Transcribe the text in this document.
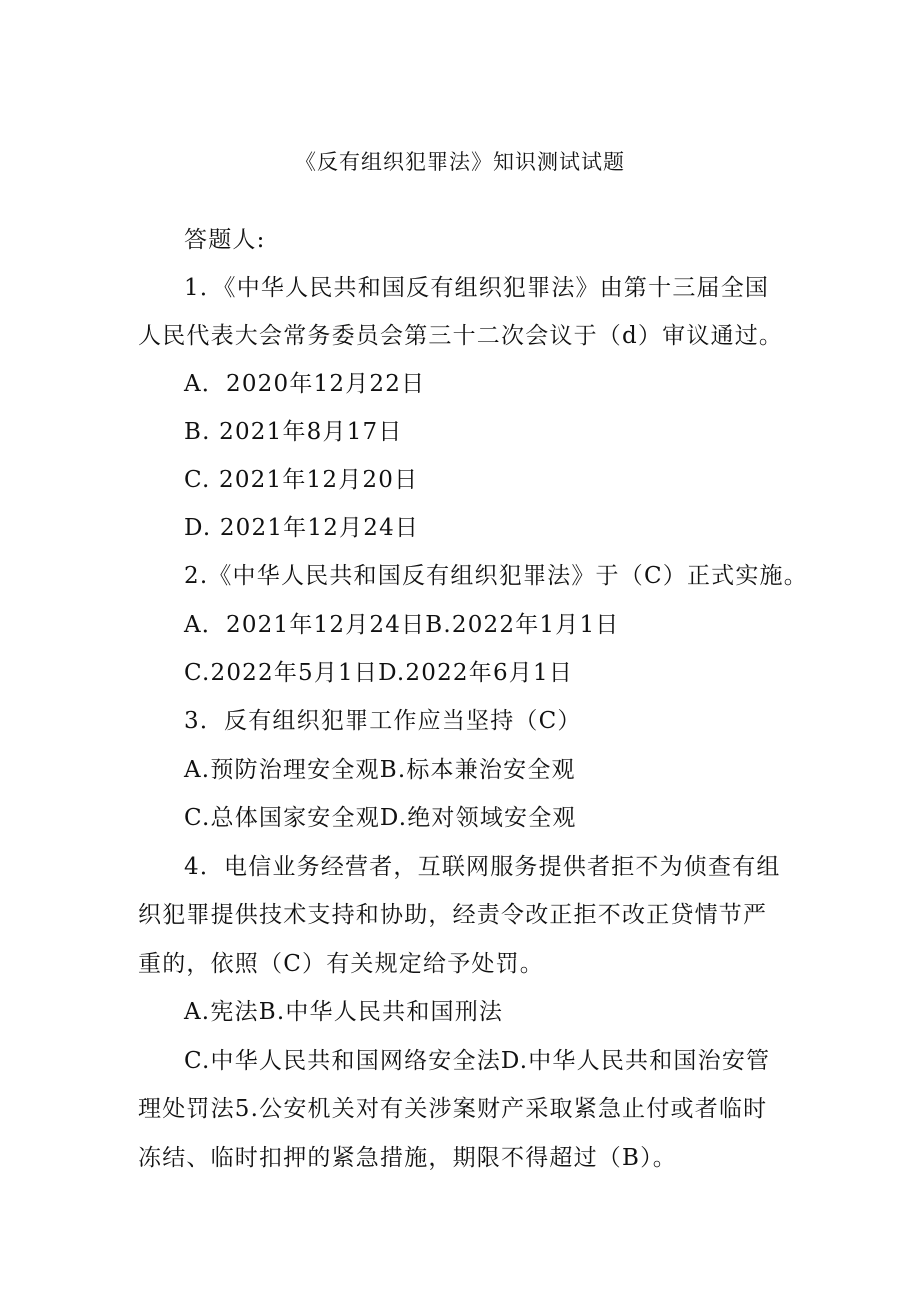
《反有组织犯罪法》知识测试试题
答题人:
1．《中华人民共和国反有组织犯罪法》由第十三届全国
人民代表大会常务委员会第三十二次会议于（d）审议通过。
A．2020年12月22日
B. 2021年8月17日
C. 2021年12月20日
D. 2021年12月24日
2.《中华人民共和国反有组织犯罪法》于（C）正式实施。
A．2021年12月24日B.2022年1月1日
C.2022年5月1日D.2022年6月1日
3．反有组织犯罪工作应当坚持（C）
A.预防治理安全观B.标本兼治安全观
C.总体国家安全观D.绝对领域安全观
4．电信业务经营者，互联网服务提供者拒不为侦查有组
织犯罪提供技术支持和协助，经责令改正拒不改正贷情节严
重的，依照（C）有关规定给予处罚。
A.宪法B.中华人民共和国刑法
C.中华人民共和国网络安全法D.中华人民共和国治安管
理处罚法5.公安机关对有关涉案财产采取紧急止付或者临时
冻结、临时扣押的紧急措施，期限不得超过（B）。
